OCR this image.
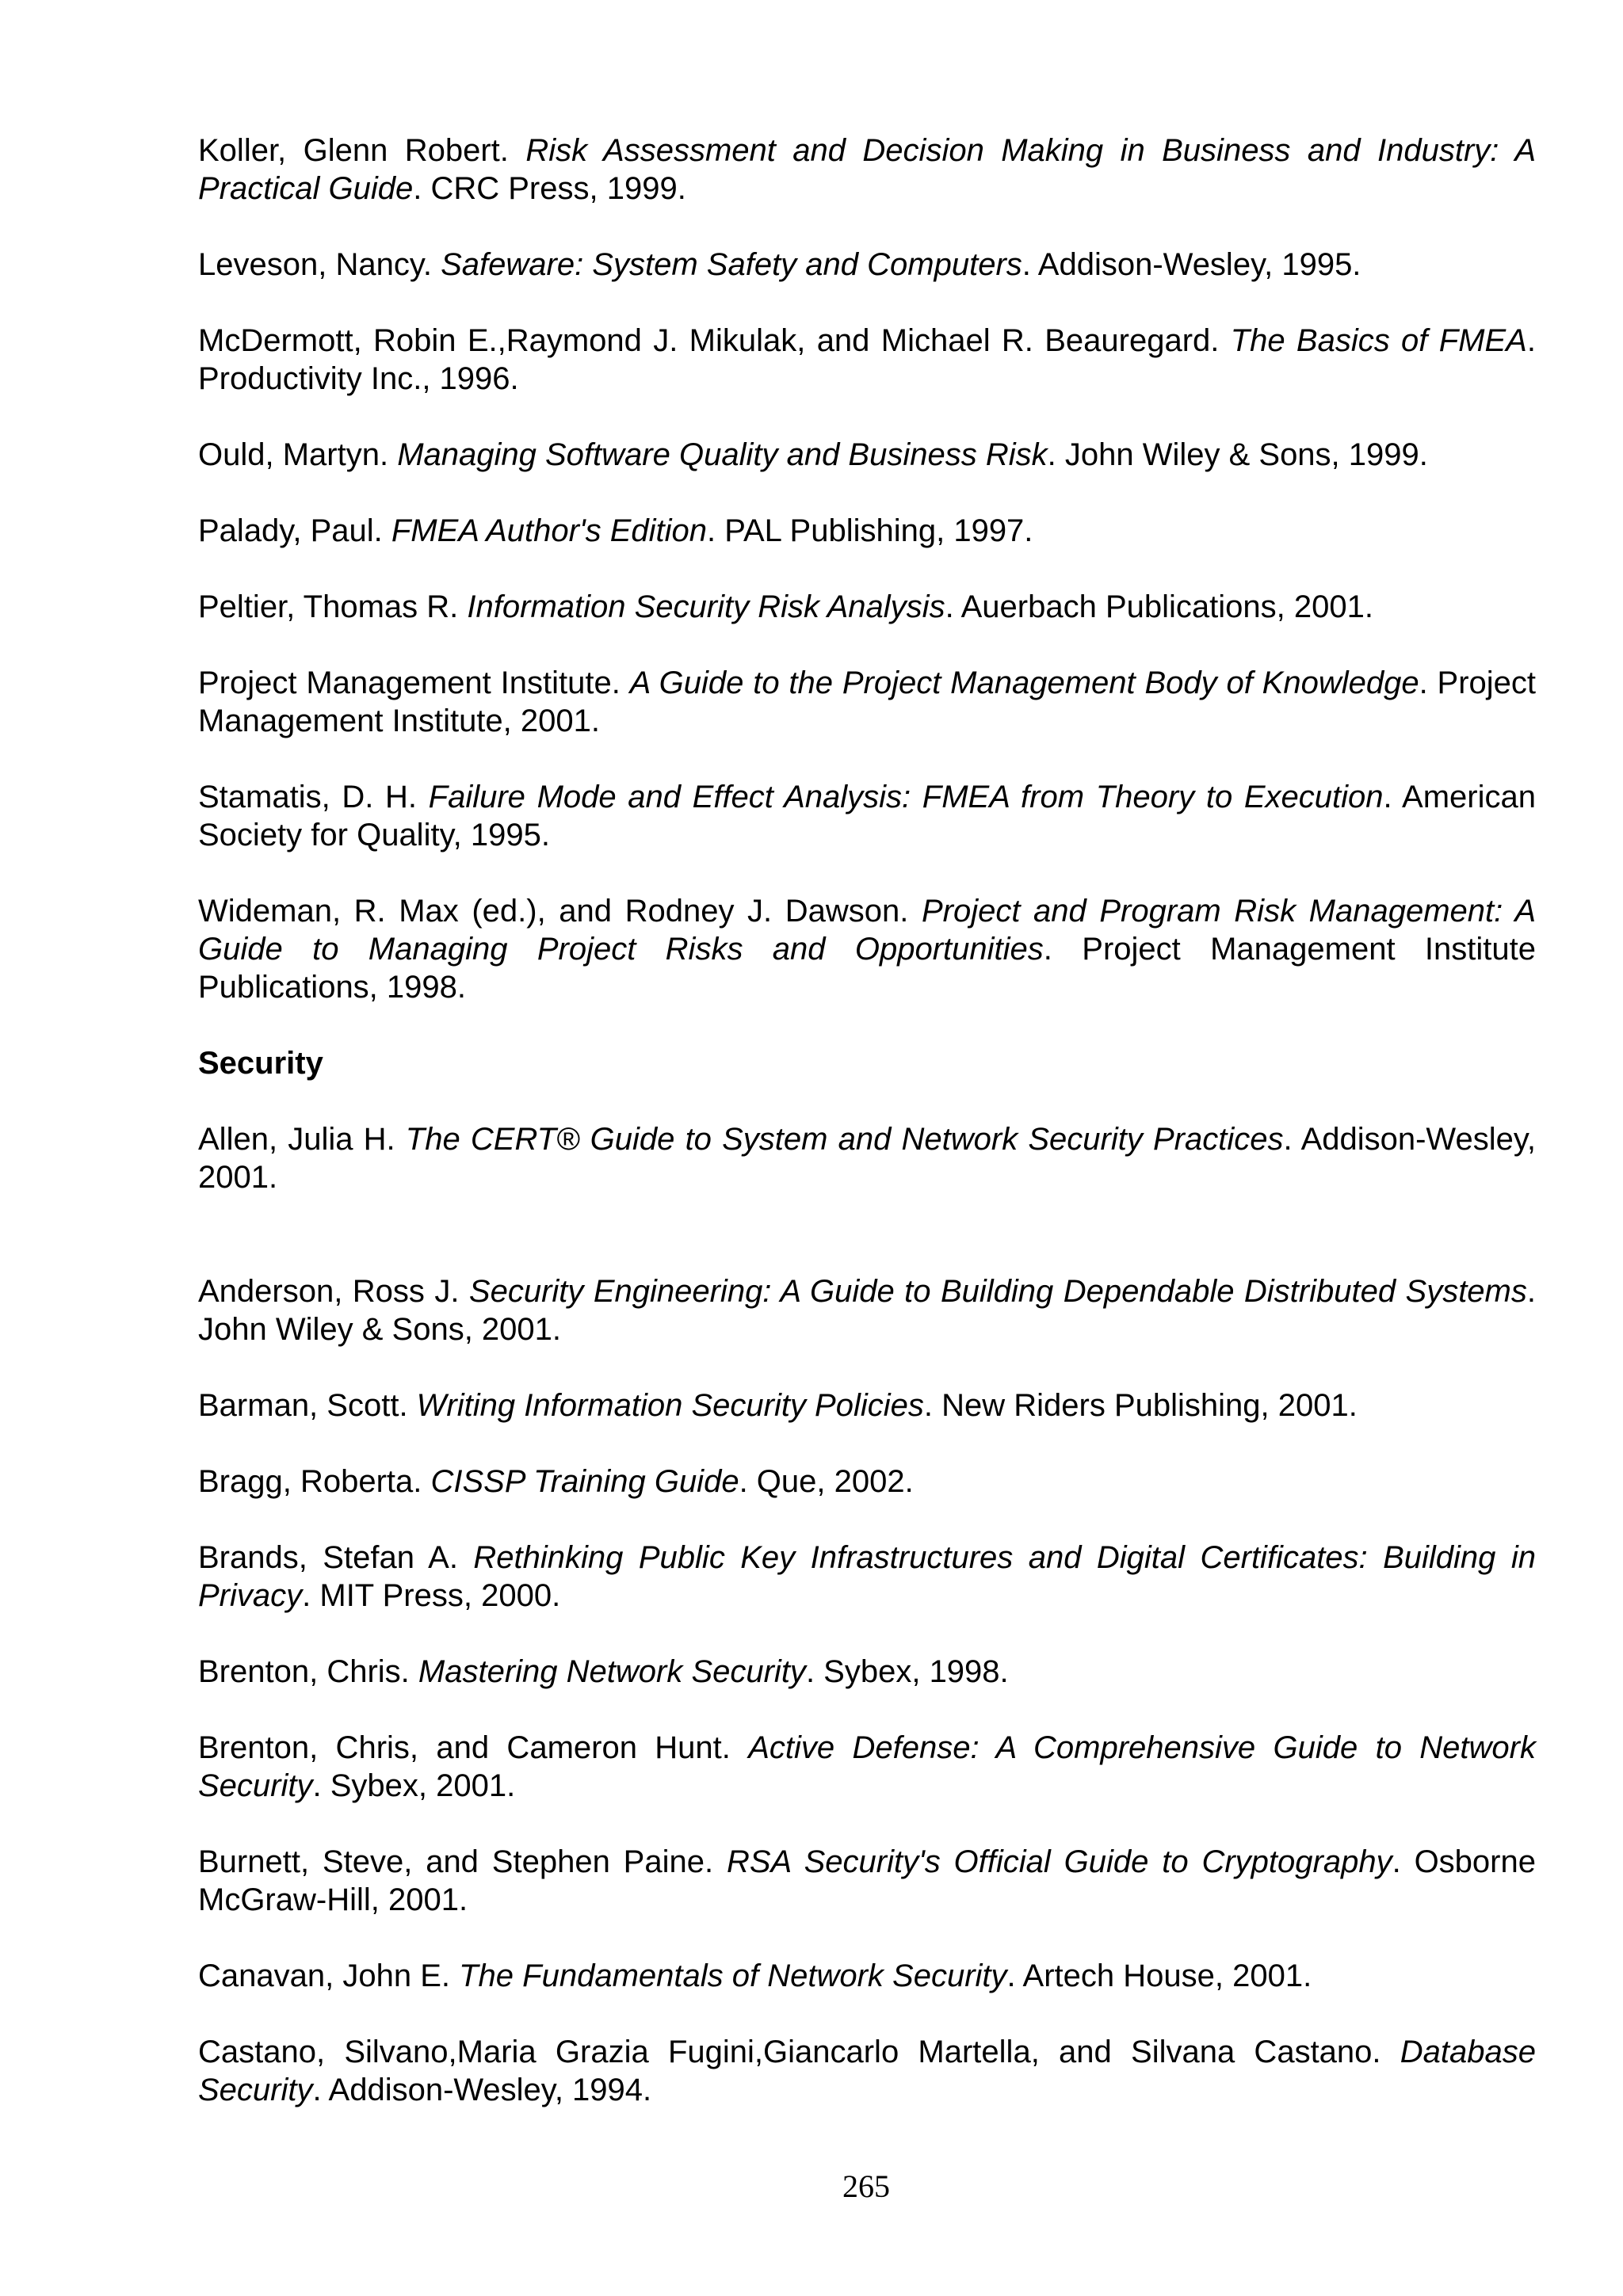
Koller, Glenn Robert. Risk Assessment and Decision Making in Business and Industry: A Practical Guide. CRC Press, 1999.

Leveson, Nancy. Safeware: System Safety and Computers. Addison-Wesley, 1995.

McDermott, Robin E.,Raymond J. Mikulak, and Michael R. Beauregard. The Basics of FMEA. Productivity Inc., 1996.

Ould, Martyn. Managing Software Quality and Business Risk. John Wiley & Sons, 1999.

Palady, Paul. FMEA Author's Edition. PAL Publishing, 1997.

Peltier, Thomas R. Information Security Risk Analysis. Auerbach Publications, 2001.

Project Management Institute. A Guide to the Project Management Body of Knowledge. Project Management Institute, 2001.

Stamatis, D. H. Failure Mode and Effect Analysis: FMEA from Theory to Execution. American Society for Quality, 1995.

Wideman, R. Max (ed.), and Rodney J. Dawson. Project and Program Risk Management: A Guide to Managing Project Risks and Opportunities. Project Management Institute Publications, 1998.

Security

Allen, Julia H. The CERT® Guide to System and Network Security Practices. Addison-Wesley, 2001.

Anderson, Ross J. Security Engineering: A Guide to Building Dependable Distributed Systems. John Wiley & Sons, 2001.

Barman, Scott. Writing Information Security Policies. New Riders Publishing, 2001.

Bragg, Roberta. CISSP Training Guide. Que, 2002.

Brands, Stefan A. Rethinking Public Key Infrastructures and Digital Certificates: Building in Privacy. MIT Press, 2000.

Brenton, Chris. Mastering Network Security. Sybex, 1998.

Brenton, Chris, and Cameron Hunt. Active Defense: A Comprehensive Guide to Network Security. Sybex, 2001.

Burnett, Steve, and Stephen Paine. RSA Security's Official Guide to Cryptography. Osborne McGraw-Hill, 2001.

Canavan, John E. The Fundamentals of Network Security. Artech House, 2001.

Castano, Silvano,Maria Grazia Fugini,Giancarlo Martella, and Silvana Castano. Database Security. Addison-Wesley, 1994.

265
